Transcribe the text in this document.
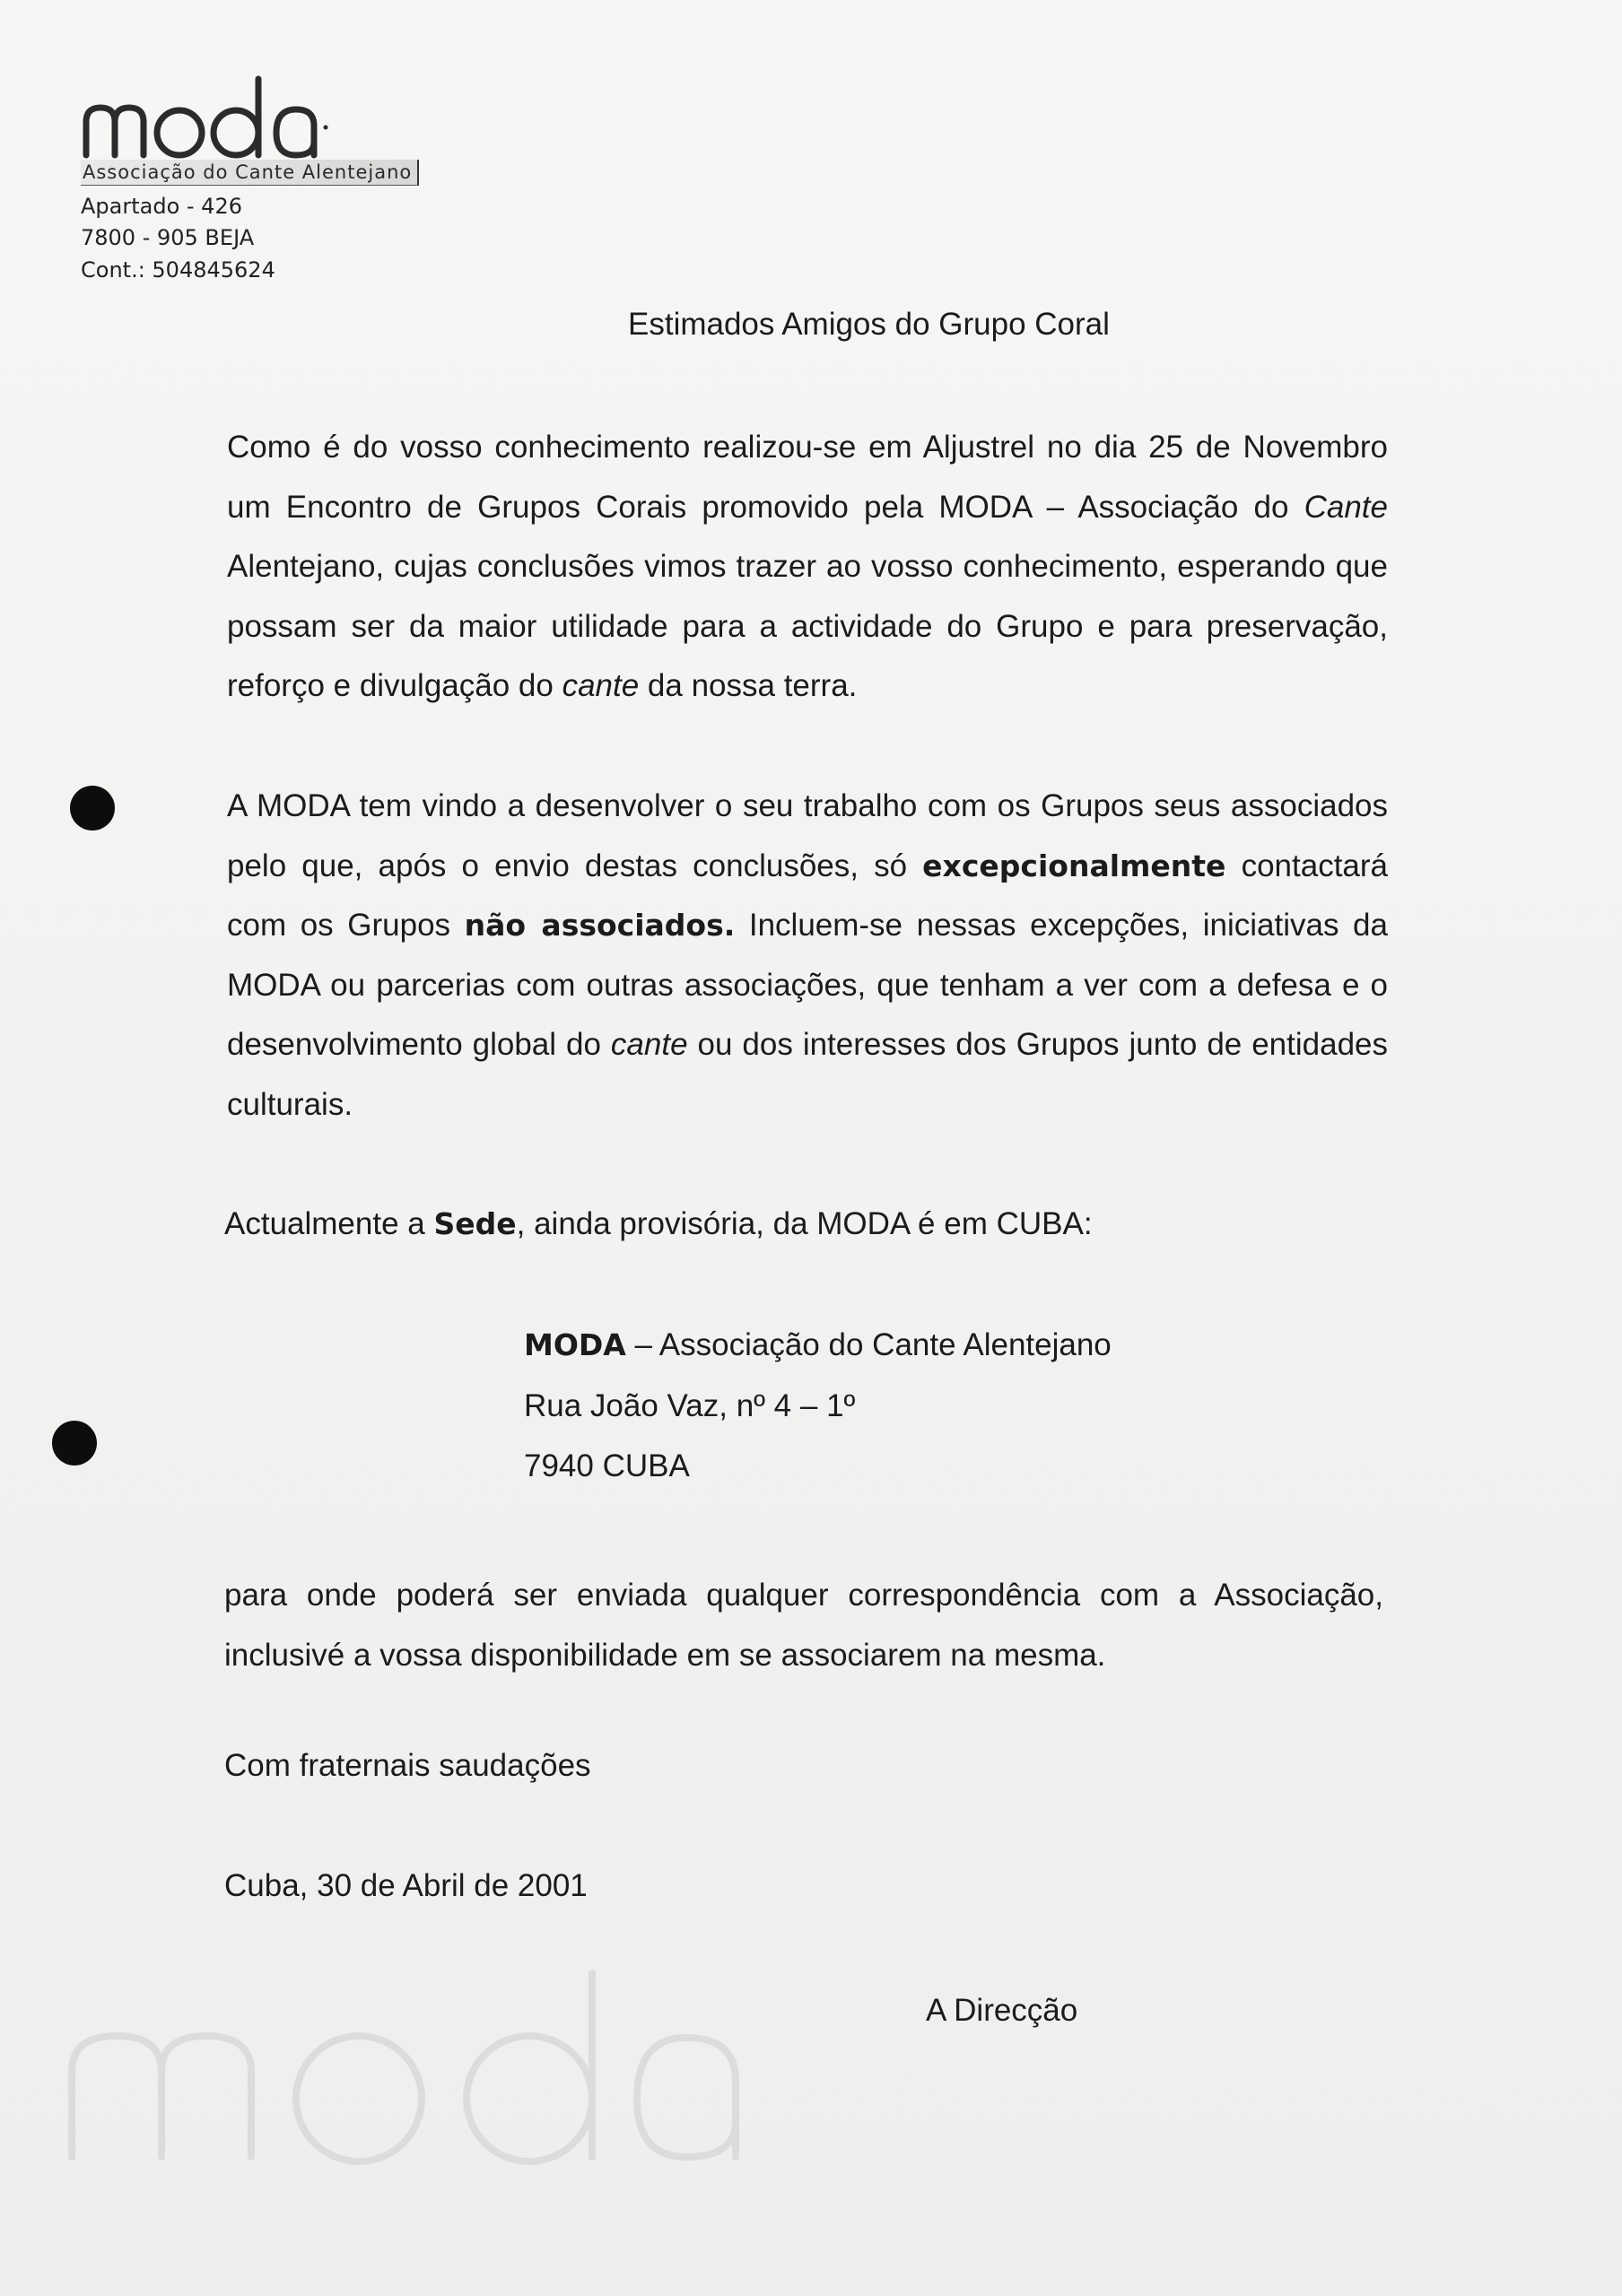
Associação do Cante Alentejano
Apartado - 426
7800 - 905 BEJA
Cont.: 504845624
Estimados Amigos do Grupo Coral
Como é do vosso conhecimento realizou-se em Aljustrel no dia 25 de Novembro um Encontro de Grupos Corais promovido pela MODA – Associação do Cante Alentejano, cujas conclusões vimos trazer ao vosso conhecimento, esperando que possam ser da maior utilidade para a actividade do Grupo e para preservação, reforço e divulgação do cante da nossa terra.
A MODA tem vindo a desenvolver o seu trabalho com os Grupos seus associados pelo que, após o envio destas conclusões, só excepcionalmente contactará com os Grupos não associados. Incluem-se nessas excepções, iniciativas da MODA ou parcerias com outras associações, que tenham a ver com a defesa e o desenvolvimento global do cante ou dos interesses dos Grupos junto de entidades culturais.
Actualmente a Sede, ainda provisória, da MODA é em CUBA:
MODA – Associação do Cante Alentejano
Rua João Vaz, nº 4 – 1º
7940 CUBA
para onde poderá ser enviada qualquer correspondência com a Associação, inclusivé a vossa disponibilidade em se associarem na mesma.
Com fraternais saudações
Cuba, 30 de Abril de 2001
A Direcção
